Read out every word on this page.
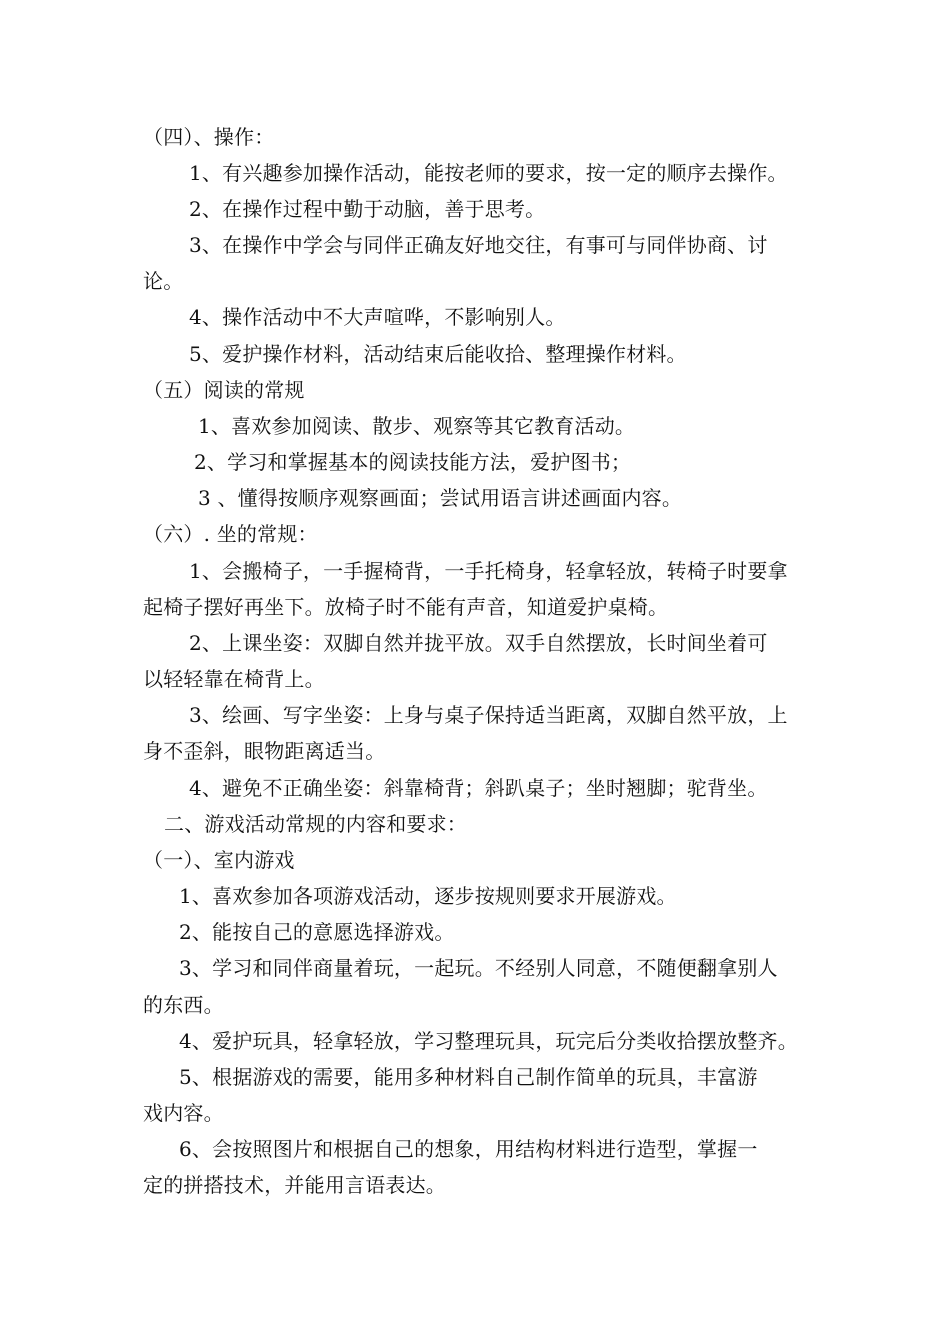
（四）、操作：
1、有兴趣参加操作活动，能按老师的要求，按一定的顺序去操作。
2、在操作过程中勤于动脑，善于思考。
3、在操作中学会与同伴正确友好地交往，有事可与同伴协商、讨
论。
4、操作活动中不大声喧哗，不影响别人。
5、爱护操作材料，活动结束后能收拾、整理操作材料。
（五）阅读的常规
1、喜欢参加阅读、散步、观察等其它教育活动。
2、学习和掌握基本的阅读技能方法，爱护图书；
3 、懂得按顺序观察画面；尝试用语言讲述画面内容。
（六）. 坐的常规：
1、会搬椅子，一手握椅背，一手托椅身，轻拿轻放，转椅子时要拿
起椅子摆好再坐下。放椅子时不能有声音，知道爱护桌椅。
2、上课坐姿：双脚自然并拢平放。双手自然摆放，长时间坐着可
以轻轻靠在椅背上。
3、绘画、写字坐姿：上身与桌子保持适当距离，双脚自然平放，上
身不歪斜，眼物距离适当。
4、避免不正确坐姿：斜靠椅背；斜趴桌子；坐时翘脚；驼背坐。
二、游戏活动常规的内容和要求：
（一）、室内游戏
1、喜欢参加各项游戏活动，逐步按规则要求开展游戏。
2、能按自己的意愿选择游戏。
3、学习和同伴商量着玩，一起玩。不经别人同意，不随便翻拿别人
的东西。
4、爱护玩具，轻拿轻放，学习整理玩具，玩完后分类收拾摆放整齐。
5、根据游戏的需要，能用多种材料自己制作简单的玩具，丰富游
戏内容。
6、会按照图片和根据自己的想象，用结构材料进行造型，掌握一
定的拼搭技术，并能用言语表达。
